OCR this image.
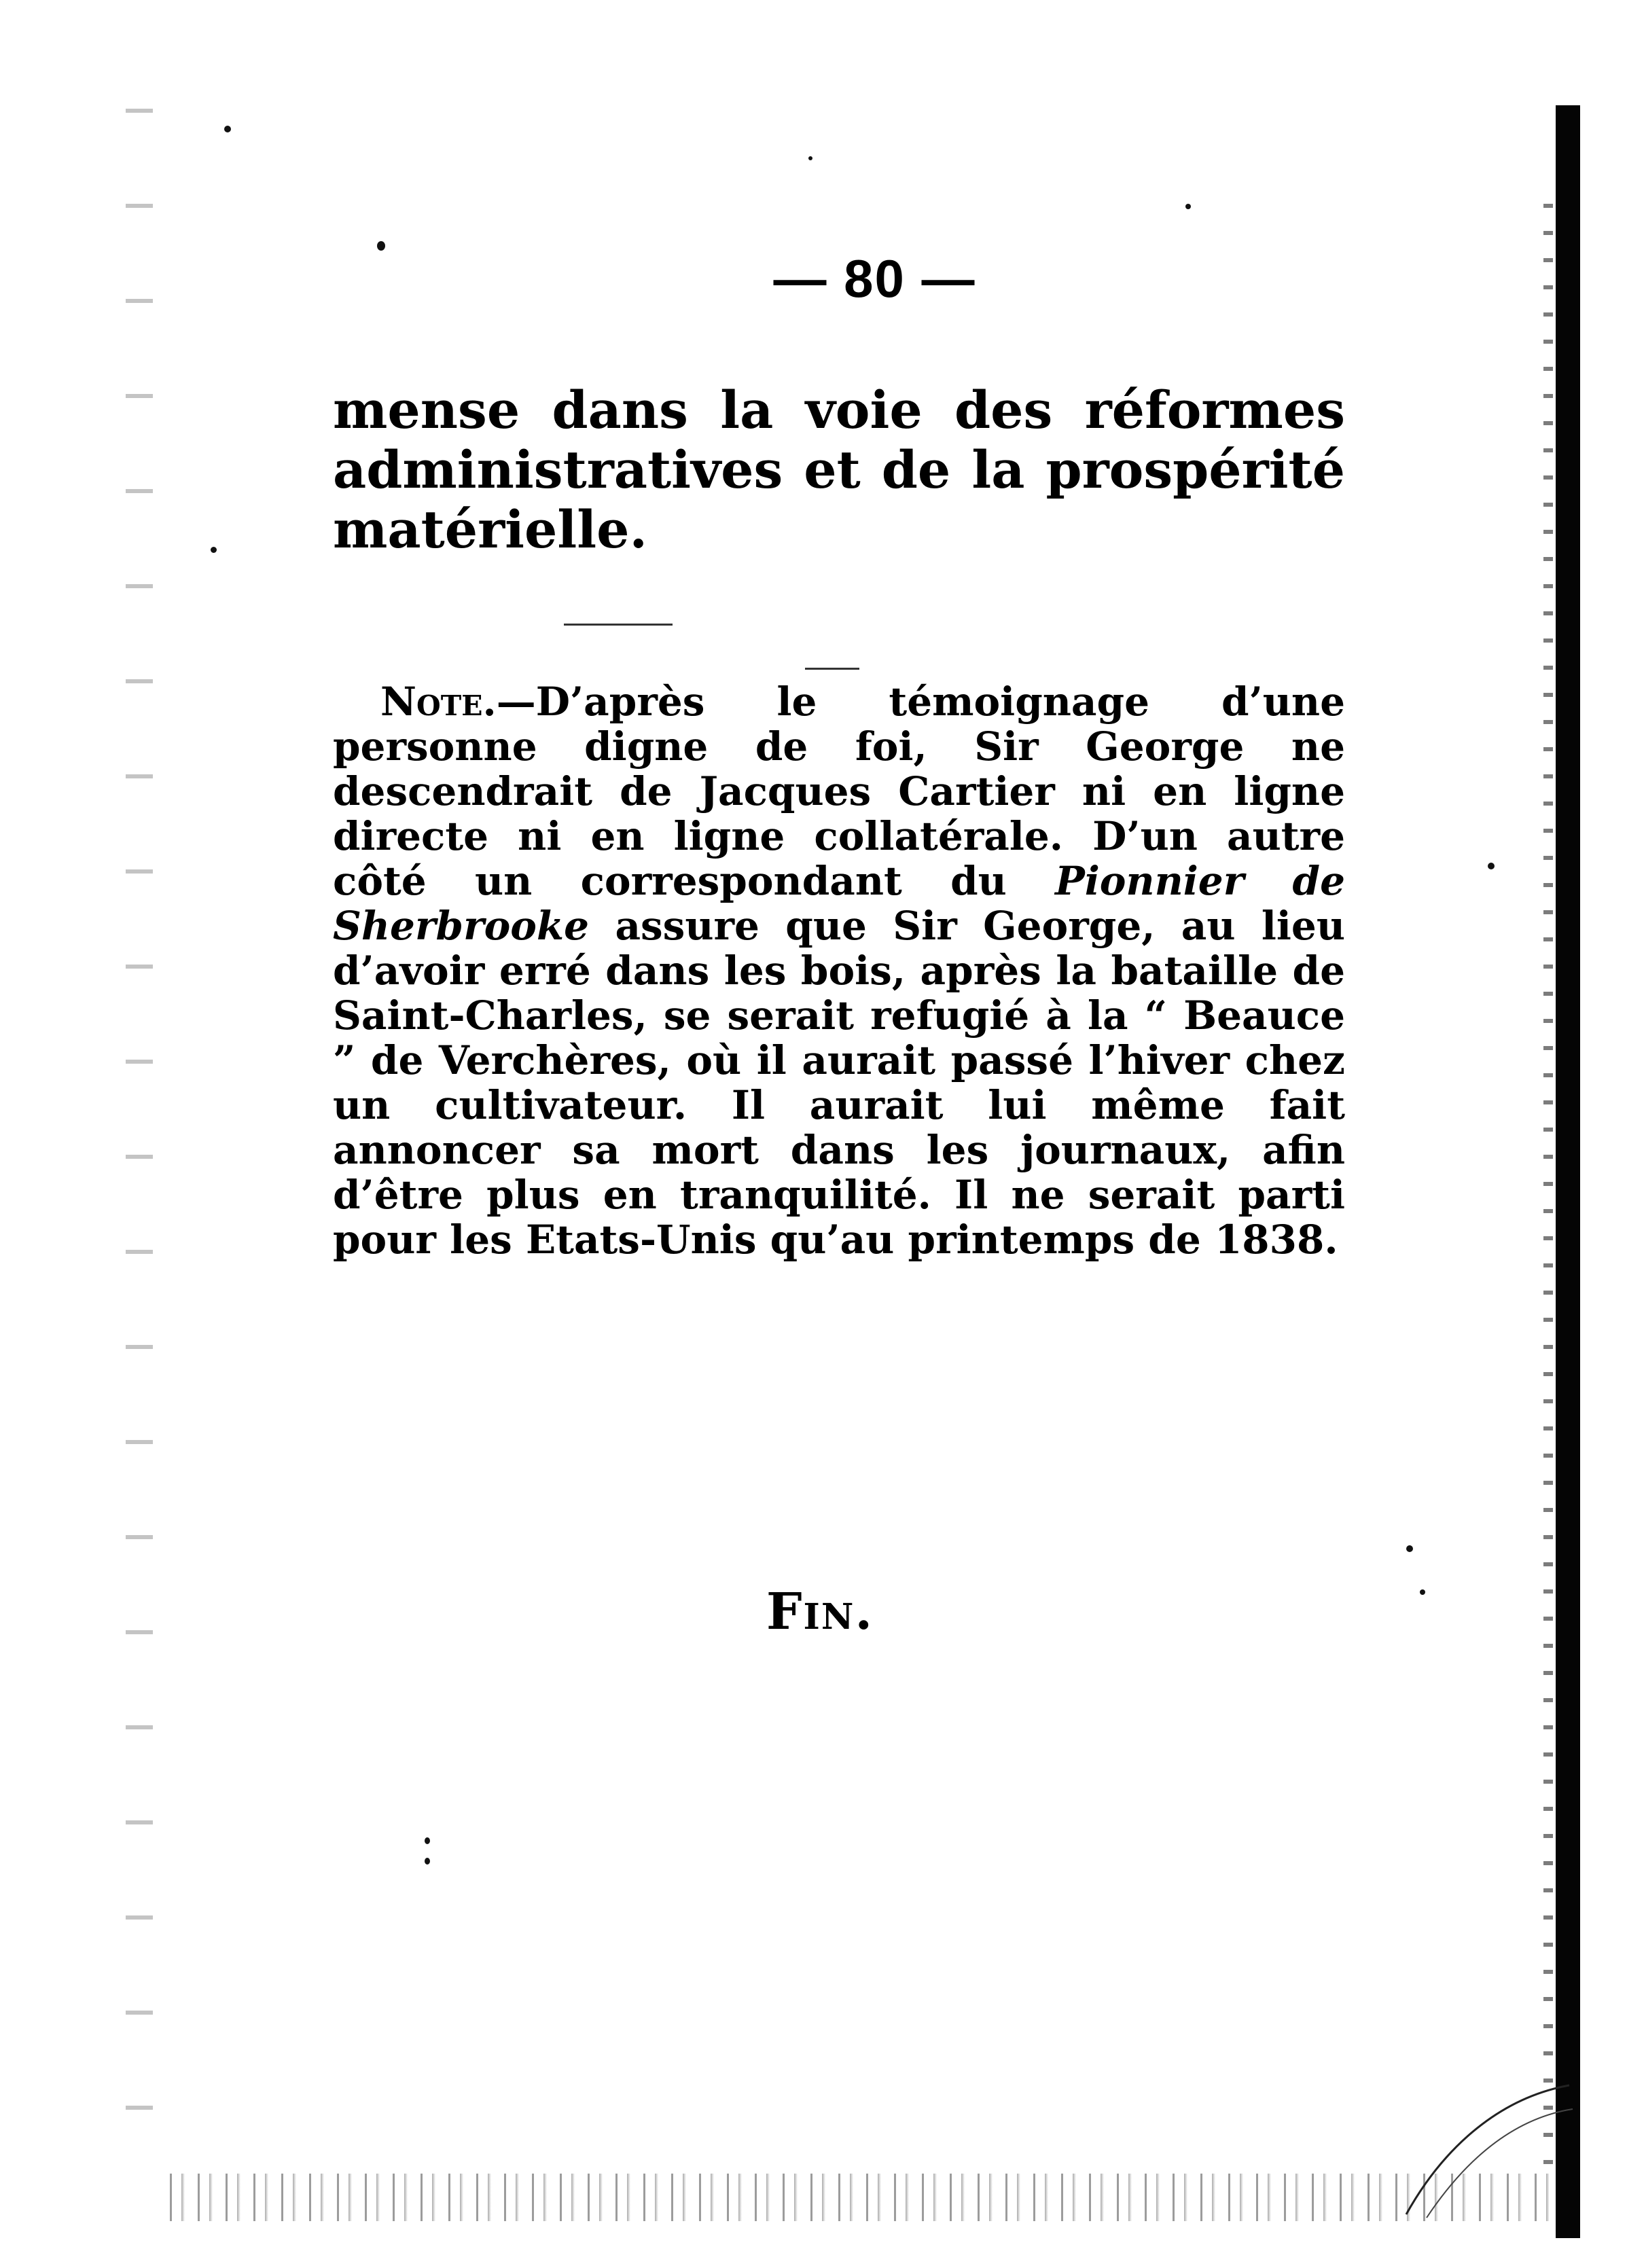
— 80 —
mense dans la voie des réformes administratives et de la prospérité matérielle.
Note.—D’après le témoignage d’une personne digne de foi, Sir George ne descendrait de Jacques Cartier ni en ligne directe ni en ligne collatérale. D’un autre côté un correspondant du Pionnier de Sherbrooke assure que Sir George, au lieu d’avoir erré dans les bois, après la bataille de Saint-Charles, se serait refugié à la “ Beauce ” de Verchères, où il aurait passé l’hiver chez un cultivateur. Il aurait lui même fait annoncer sa mort dans les journaux, afin d’être plus en tranquilité. Il ne serait parti pour les Etats-Unis qu’au printemps de 1838.
Fin.
